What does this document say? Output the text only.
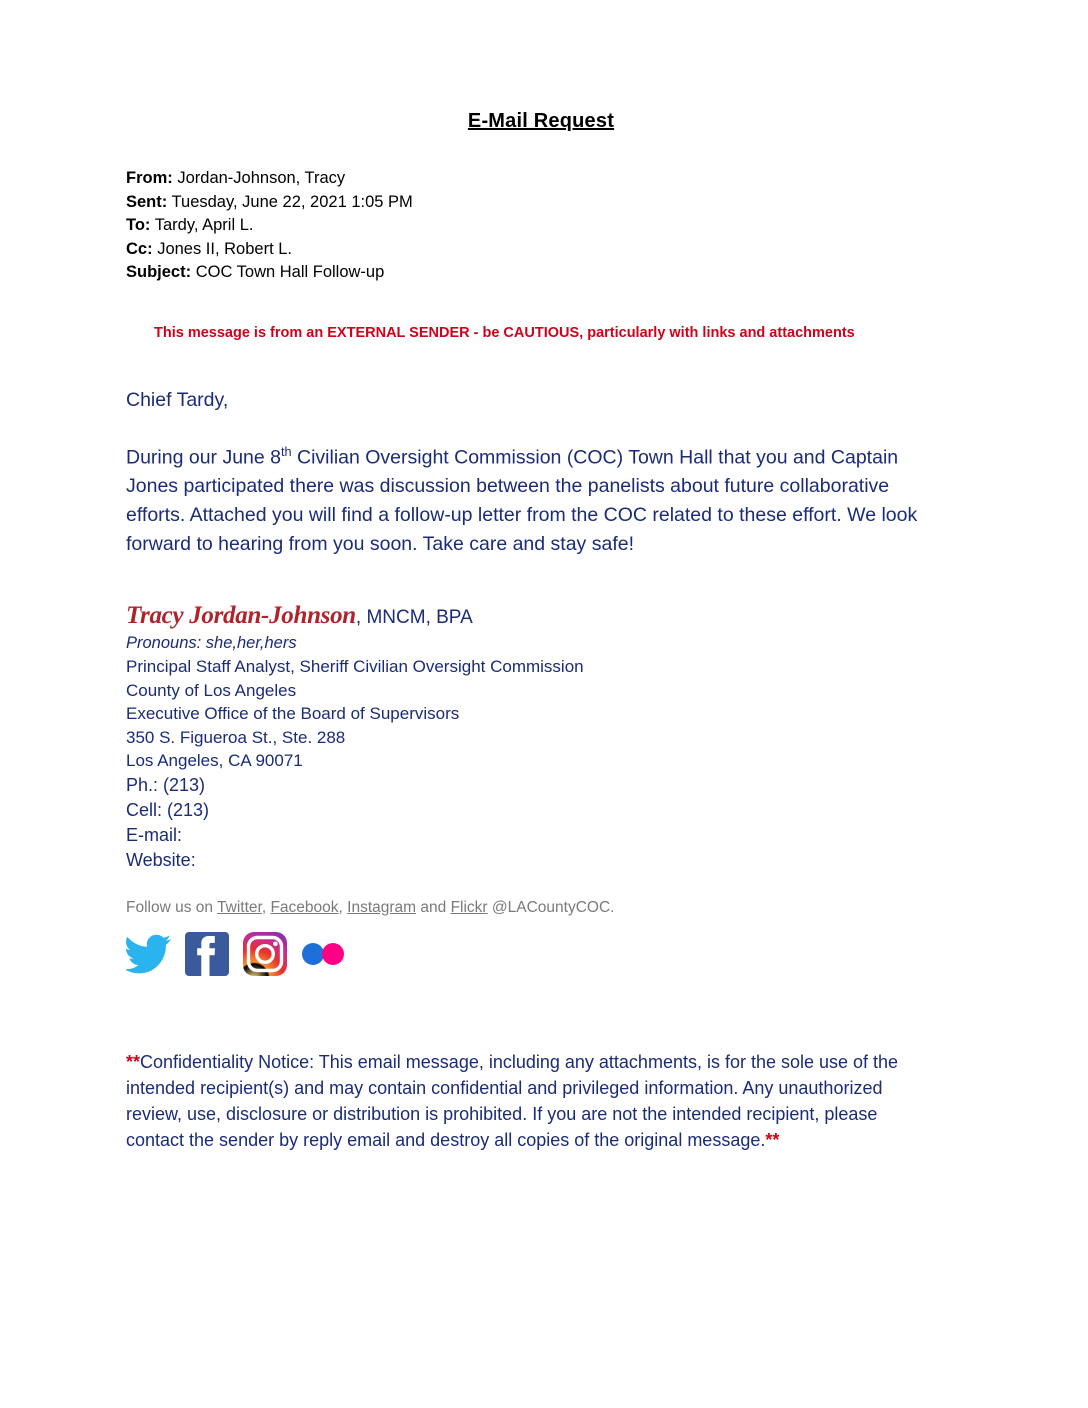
E-Mail Request
From: Jordan-Johnson, Tracy
Sent: Tuesday, June 22, 2021 1:05 PM
To: Tardy, April L.
Cc: Jones II, Robert L.
Subject: COC Town Hall Follow-up
This message is from an EXTERNAL SENDER - be CAUTIOUS, particularly with links and attachments
Chief Tardy,
During our June 8th Civilian Oversight Commission (COC) Town Hall that you and Captain Jones participated there was discussion between the panelists about future collaborative efforts. Attached you will find a follow-up letter from the COC related to these effort. We look forward to hearing from you soon. Take care and stay safe!
Tracy Jordan-Johnson, MNCM, BPA
Pronouns: she,her,hers
Principal Staff Analyst, Sheriff Civilian Oversight Commission
County of Los Angeles
Executive Office of the Board of Supervisors
350 S. Figueroa St., Ste. 288
Los Angeles, CA 90071
Ph.: (213)
Cell: (213)
E-mail:
Website:
Follow us on Twitter, Facebook, Instagram and Flickr @LACountyCOC.
**Confidentiality Notice: This email message, including any attachments, is for the sole use of the intended recipient(s) and may contain confidential and privileged information. Any unauthorized review, use, disclosure or distribution is prohibited. If you are not the intended recipient, please contact the sender by reply email and destroy all copies of the original message.**
